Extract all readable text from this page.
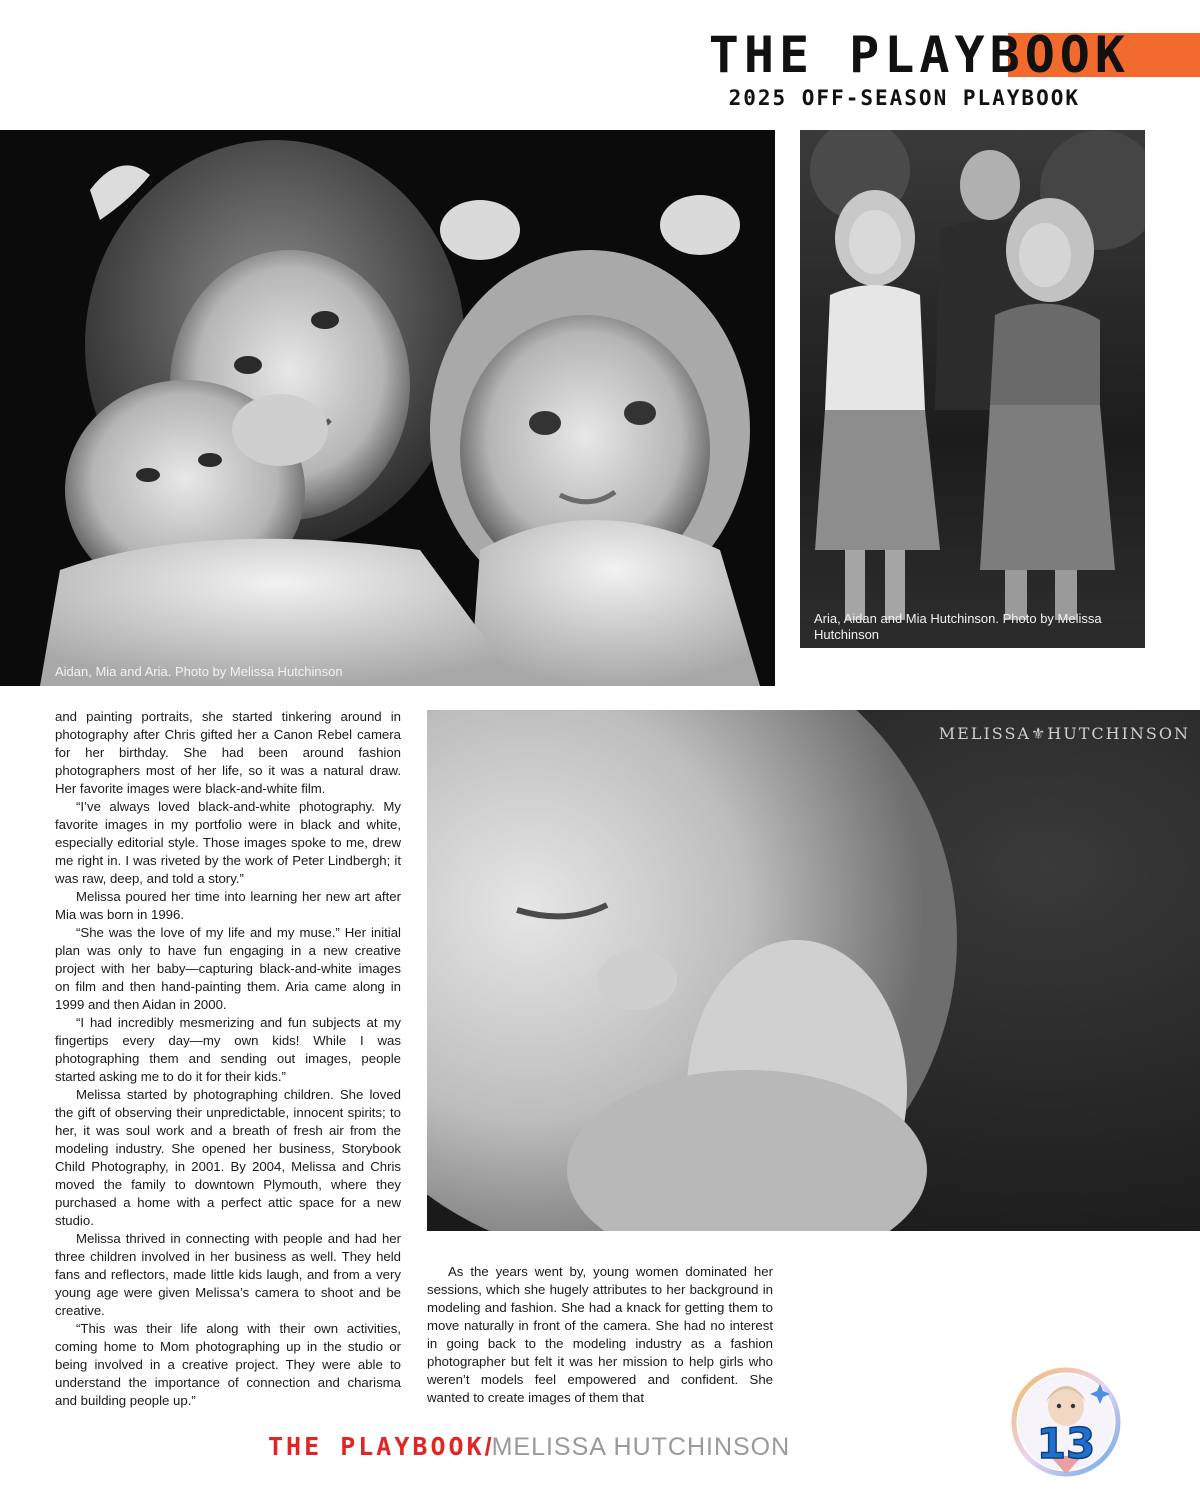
THE PLAYBOOK
2025 OFF-SEASON PLAYBOOK
Aidan, Mia and Aria. Photo by Melissa Hutchinson
Aria, Aidan and Mia Hutchinson. Photo by Melissa Hutchinson
MELISSA⚜HUTCHINSON

and painting portraits, she started tinkering around in photography after Chris gifted her a Canon Rebel camera for her birthday. She had been around fashion photographers most of her life, so it was a natural draw. Her favorite images were black-and-white film.

“I’ve always loved black-and-white photography. My favorite images in my portfolio were in black and white, especially editorial style. Those images spoke to me, drew me right in. I was riveted by the work of Peter Lindbergh; it was raw, deep, and told a story.”

Melissa poured her time into learning her new art after Mia was born in 1996.

“She was the love of my life and my muse.” Her initial plan was only to have fun engaging in a new creative project with her baby—capturing black-and-white images on film and then hand-painting them. Aria came along in 1999 and then Aidan in 2000.

“I had incredibly mesmerizing and fun subjects at my fingertips every day—my own kids! While I was photographing them and sending out images, people started asking me to do it for their kids.”

Melissa started by photographing children. She loved the gift of observing their unpredictable, innocent spirits; to her, it was soul work and a breath of fresh air from the modeling industry. She opened her business, Storybook Child Photography, in 2001. By 2004, Melissa and Chris moved the family to downtown Plymouth, where they purchased a home with a perfect attic space for a new studio.

Melissa thrived in connecting with people and had her three children involved in her business as well. They held fans and reflectors, made little kids laugh, and from a very young age were given Melissa’s camera to shoot and be creative.

“This was their life along with their own activities, coming home to Mom photographing up in the studio or being involved in a creative project. They were able to understand the importance of connection and charisma and building people up.”

As the years went by, young women dominated her sessions, which she hugely attributes to her background in modeling and fashion. She had a knack for getting them to move naturally in front of the camera. She had no interest in going back to the modeling industry as a fashion photographer but felt it was her mission to help girls who weren’t models feel empowered and confident. She wanted to create images of them that

13
THE PLAYBOOK/MELISSA HUTCHINSON
